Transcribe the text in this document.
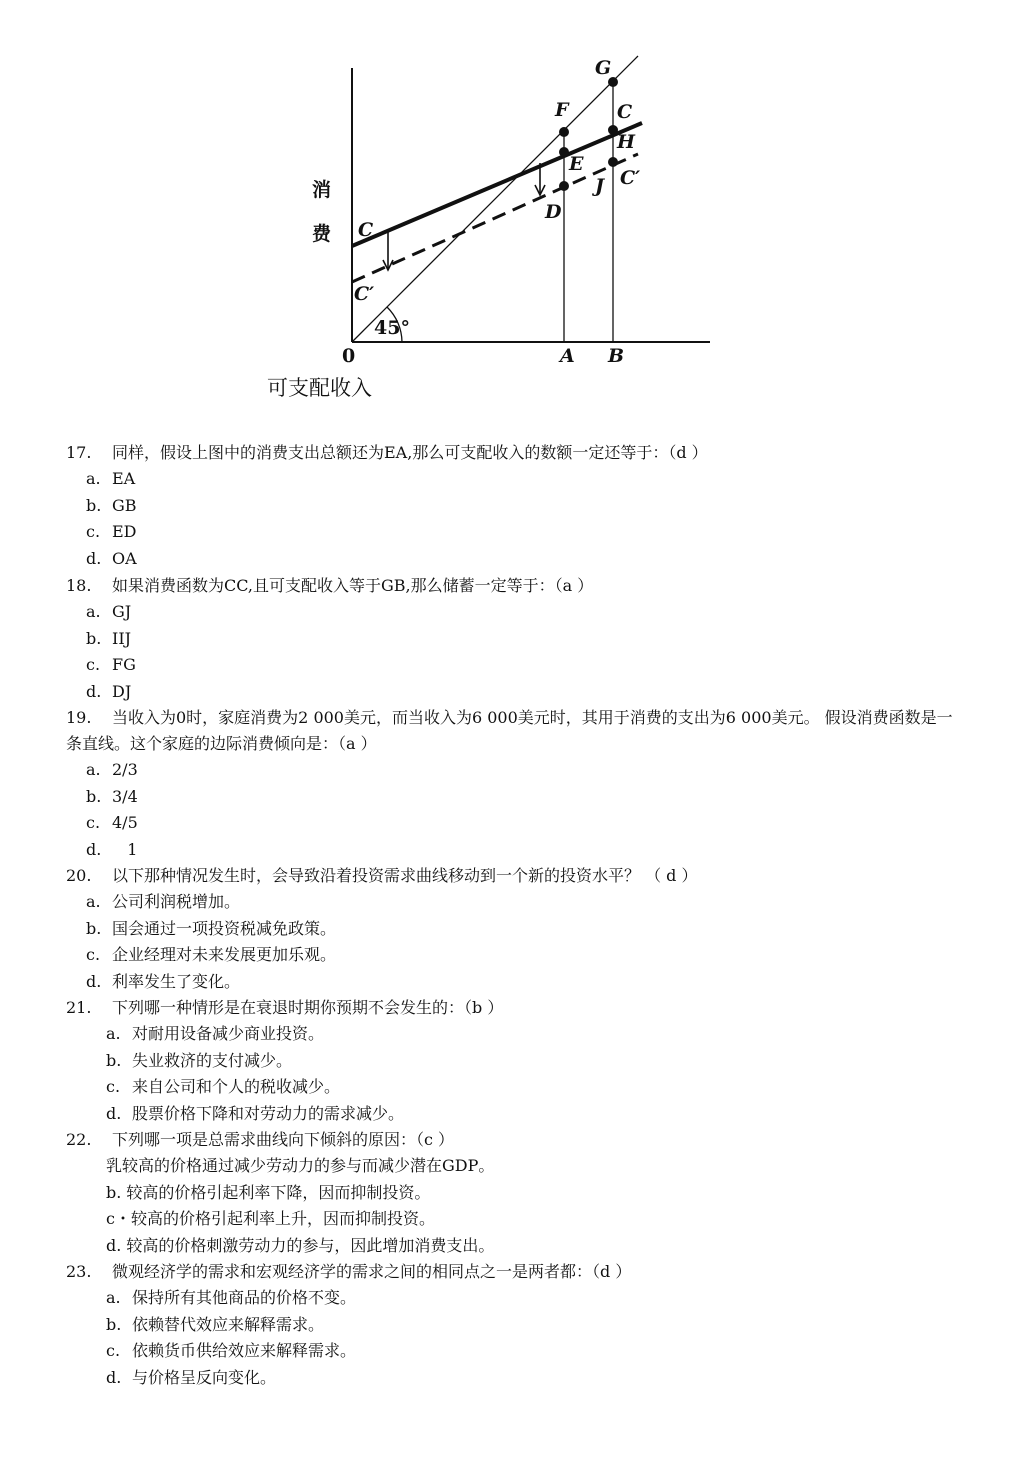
消
费
G
F	C
H
E
J C′
D
C
C′
45°
0	A B
可支配收入
17. 同样，假设上图中的消费支出总额还为EA,那么可支配收入的数额一定还等于：（d ）
a. EA
b. GB
c. ED
d. OA
18. 如果消费函数为CC,且可支配收入等于GB,那么储蓄一定等于：（a ）
a. GJ
b. IIJ
c. FG
d. DJ
19. 当收入为0时，家庭消费为2 000美元，而当收入为6 000美元时，其用于消费的支出为6 000美元。 假设消费函数是一条直线。这个家庭的边际消费倾向是：（a ）
a. 2/3
b. 3/4
c. 4/5
d.   1
20. 以下那种情况发生时，会导致沿着投资需求曲线移动到一个新的投资水平？ （ d ）
a. 公司利润税增加。
b. 国会通过一项投资税减免政策。
c. 企业经理对未来发展更加乐观。
d. 利率发生了变化。
21. 下列哪一种情形是在衰退时期你预期不会发生的：（b ）
a. 对耐用设备减少商业投资。
b. 失业救济的支付减少。
c. 来自公司和个人的税收减少。
d. 股票价格下降和对劳动力的需求减少。
22. 下列哪一项是总需求曲线向下倾斜的原因：（c ）
乳较高的价格通过减少劳动力的参与而减少潜在GDP。
b. 较高的价格引起利率下降，因而抑制投资。
c・较高的价格引起利率上升，因而抑制投资。
d. 较高的价格刺激劳动力的参与，因此增加消费支出。
23. 微观经济学的需求和宏观经济学的需求之间的相同点之一是两者都：（d ）
a. 保持所有其他商品的价格不变。
b. 依赖替代效应来解释需求。
c. 依赖货币供给效应来解释需求。
d. 与价格呈反向变化。
